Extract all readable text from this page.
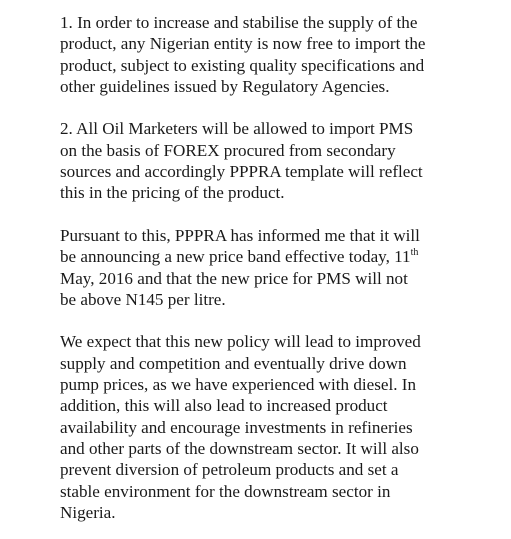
1. In order to increase and stabilise the supply of the
product, any Nigerian entity is now free to import the
product, subject to existing quality specifications and
other guidelines issued by Regulatory Agencies.
2. All Oil Marketers will be allowed to import PMS
on the basis of FOREX procured from secondary
sources and accordingly PPPRA template will reflect
this in the pricing of the product.
Pursuant to this, PPPRA has informed me that it will
be announcing a new price band effective today, 11th
May, 2016 and that the new price for PMS will not
be above N145 per litre.
We expect that this new policy will lead to improved
supply and competition and eventually drive down
pump prices, as we have experienced with diesel. In
addition, this will also lead to increased product
availability and encourage investments in refineries
and other parts of the downstream sector. It will also
prevent diversion of petroleum products and set a
stable environment for the downstream sector in
Nigeria.
